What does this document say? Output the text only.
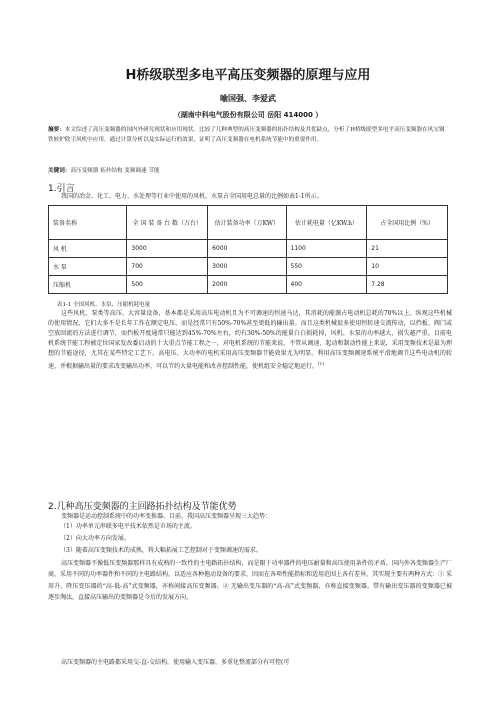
H桥级联型多电平高压变频器的原理与应用
喻国强、李爱武
（湖南中科电气股份有限公司 岳阳 414000 ）
摘要：本文综述了高压变频器的国内外研究现状和应用现状。比较了几种典型的高压变频器的拓扑结构及其优缺点，分析了H桥级联型多电平高压变频器在风宝钢铁转炉除尘风机中应用。通过计算分析以及实际运行的效果，证明了高压变频器在电机系统节能中的重要作用。
关键词：高压变频器 拓扑结构 变频调速 节能
1.引言
我国的冶金、化工、电力、水处理等行业中使用的风机、水泵占全国用电总量的比例如表1-1所示。
装备名称	全 国 装 备 台 数（万台）	估计装备功率（万KW）	估计耗电量（亿KW.h）	占全国用比例（%）
风 机	3000	6000	1100	21
水 泵	700	3000	550	10
压缩机	500	2000	400	7.28
表1-1 全国风机、水泵、压缩机耗电量
这些风机、泵类等高压、大容量设备，基本都是采用高压电动机且为不可调速的恒速马达，其消耗的能源占电动机总耗的70%以上。纵观这些机械的使用情况，它们大多不是长年工作在额定电压，而是经常只有50%-70%甚至更低的输出量。而且这类机械很多使用恒转速交流传动，以挡板、阀门或空放回流的方法进行调节，而挡板开度通常只能达到45%-70%左右，约有30%-50%的能量白白损耗掉，风机、水泵的功率越大，损失越严重。目前电机系统节能工程被定位国家发改委启动的十大重点节能工程之一，对电机系统的节能来说，不管从调速、起动和制动性能上来说，采用变频技术是最为理想的节能途径，尤其在某些特定工艺下，高电压、大功率的电机采用高压变频器节能效果尤为明显。利用高压变频调速系统平滑地调节这些电动机的转速，并根据输出量的要求改变输出功率，可以节约大量电能和改善控制性能，使机组安全稳定地运行。[1]
2.几种高压变频器的主回路拓扑结构及节能优势
变频器是运动控制系统中的功率变换器。目前，我国高压变频器呈现三大趋势：
（1）功率单元串联多电平技术依然是市场的主流。
（2）向大功率方向发展。
（3）随着高压变频技术的成熟，将大幅拓展工艺控制对于变频调速的需求。
高压变频器不像低压变频器那样具有成熟的一致性的主电路拓扑结构，而是限于功率器件的电压耐量和高压使用条件的矛盾，国内外各变频器生产厂商，采用不同的功率器件和不同的主电路结构，以适应各种拖动设备的要求，因而在各项性能指标和适用范围上各有差异，其实现主要有两种方式：① 采用升、降压变压器的“高-低-高”式变频器，亦称间接高压变频器。② 无输出变压器的“高-高”式变频器，亦称直接变频器。带有输出变压器的变频器已被逐步淘汰，直接高压输出的变频器是今后的发展方向。
高压变频器的主电路都采用交-直-交结构，使用输入变压器，多重化整流部分有可控(可
